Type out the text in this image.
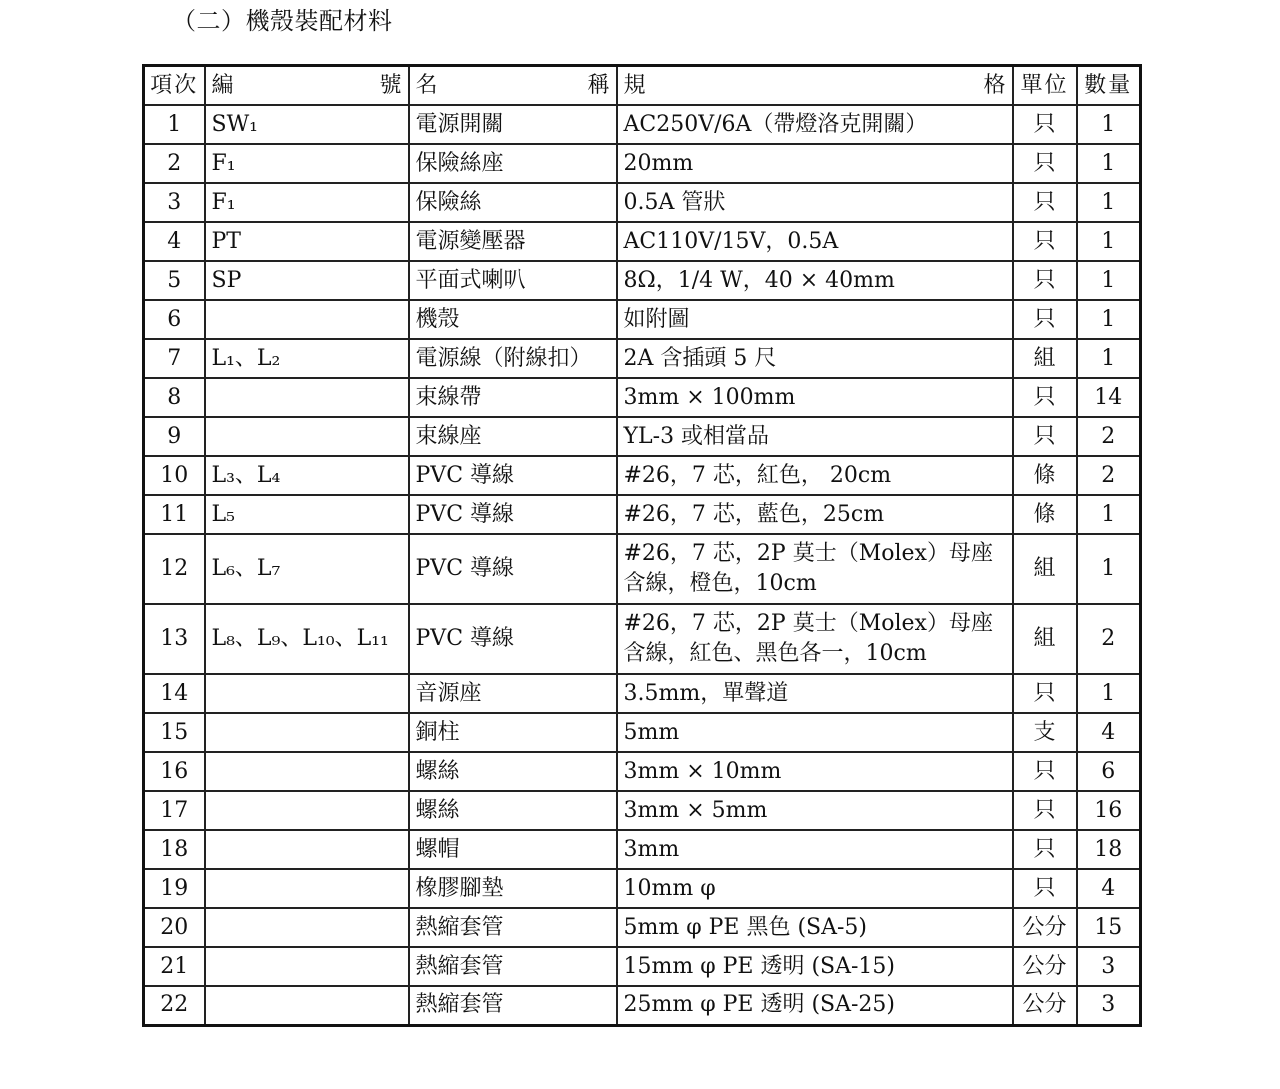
（二）機殼裝配材料
項次	編 號	名 稱	規 格	單位	數量
1	SW₁	電源開關	AC250V/6A（帶燈洛克開關）	只	1
2	F₁	保險絲座	20mm	只	1
3	F₁	保險絲	0.5A 管狀	只	1
4	PT	電源變壓器	AC110V/15V，0.5A	只	1
5	SP	平面式喇叭	8Ω，1/4 W，40 × 40mm	只	1
6		機殼	如附圖	只	1
7	L₁、L₂	電源線（附線扣）	2A 含插頭 5 尺	組	1
8		束線帶	3mm × 100mm	只	14
9		束線座	YL-3 或相當品	只	2
10	L₃、L₄	PVC 導線	#26，7 芯，紅色， 20cm	條	2
11	L₅	PVC 導線	#26，7 芯，藍色，25cm	條	1
12	L₆、L₇	PVC 導線	#26，7 芯，2P 莫士（Molex）母座含線，橙色，10cm	組	1
13	L₈、L₉、L₁₀、L₁₁	PVC 導線	#26，7 芯，2P 莫士（Molex）母座含線，紅色、黑色各一，10cm	組	2
14		音源座	3.5mm，單聲道	只	1
15		銅柱	5mm	支	4
16		螺絲	3mm × 10mm	只	6
17		螺絲	3mm × 5mm	只	16
18		螺帽	3mm	只	18
19		橡膠腳墊	10mm φ	只	4
20		熱縮套管	5mm φ PE 黑色 (SA-5)	公分	15
21		熱縮套管	15mm φ PE 透明 (SA-15)	公分	3
22		熱縮套管	25mm φ PE 透明 (SA-25)	公分	3
